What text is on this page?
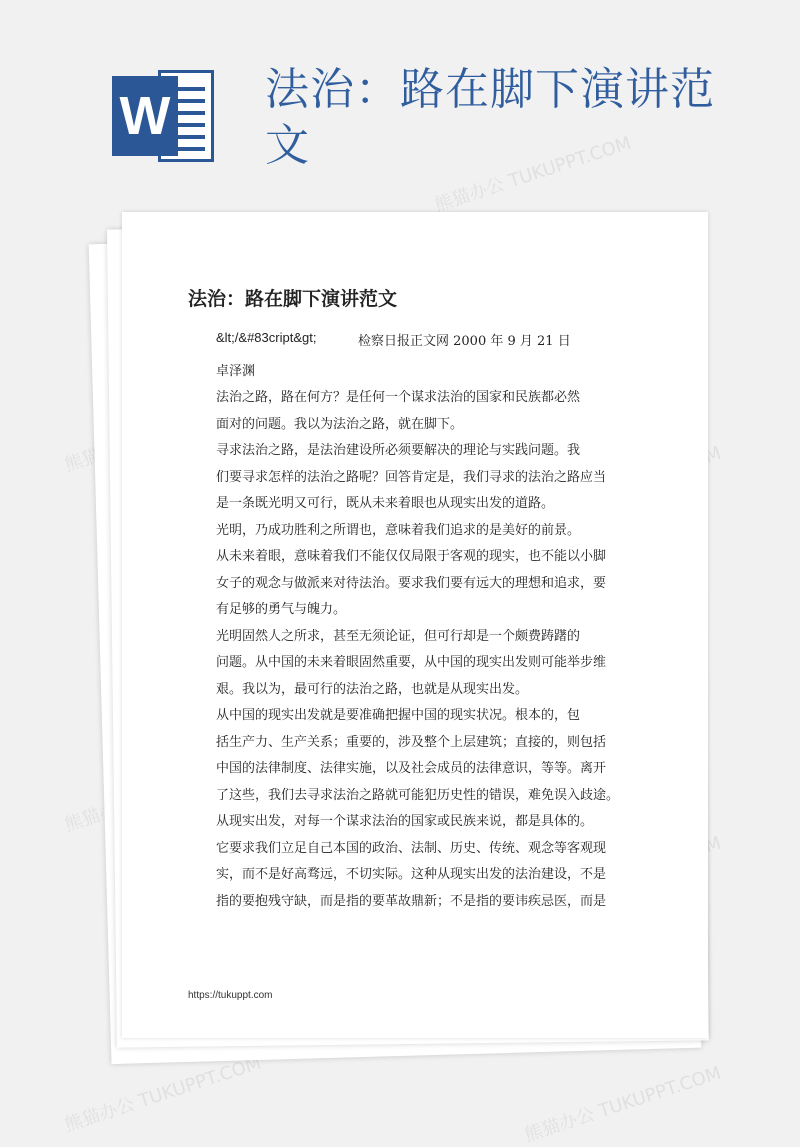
W 法治：路在脚下演讲范文	熊猫办公 TUKUPPT.COM
熊猫办公
熊猫办公 TUKUPPT.COM	熊猫办公 TUKUPPT.COM
法治：路在脚下演讲范文
&lt;/&#83cript&gt;	检察日报正文网 2000 年 9 月 21 日
卓泽渊
法治之路，路在何方？是任何一个谋求法治的国家和民族都必然
面对的问题。我以为法治之路，就在脚下。
寻求法治之路，是法治建设所必须要解决的理论与实践问题。我
们要寻求怎样的法治之路呢？回答肯定是，我们寻求的法治之路应当
是一条既光明又可行，既从未来着眼也从现实出发的道路。
光明，乃成功胜利之所谓也，意味着我们追求的是美好的前景。
从未来着眼，意味着我们不能仅仅局限于客观的现实，也不能以小脚
女子的观念与做派来对待法治。要求我们要有远大的理想和追求，要
有足够的勇气与魄力。
光明固然人之所求，甚至无须论证，但可行却是一个颇费踌躇的
问题。从中国的未来着眼固然重要，从中国的现实出发则可能举步维
艰。我以为，最可行的法治之路，也就是从现实出发。
从中国的现实出发就是要准确把握中国的现实状况。根本的，包
括生产力、生产关系；重要的，涉及整个上层建筑；直接的，则包括
中国的法律制度、法律实施，以及社会成员的法律意识，等等。离开
了这些，我们去寻求法治之路就可能犯历史性的错误，难免误入歧途。
从现实出发，对每一个谋求法治的国家或民族来说，都是具体的。
它要求我们立足自己本国的政治、法制、历史、传统、观念等客观现
实，而不是好高骛远，不切实际。这种从现实出发的法治建设，不是
指的要抱残守缺，而是指的要革故鼎新；不是指的要讳疾忌医，而是
https://tukuppt.com
